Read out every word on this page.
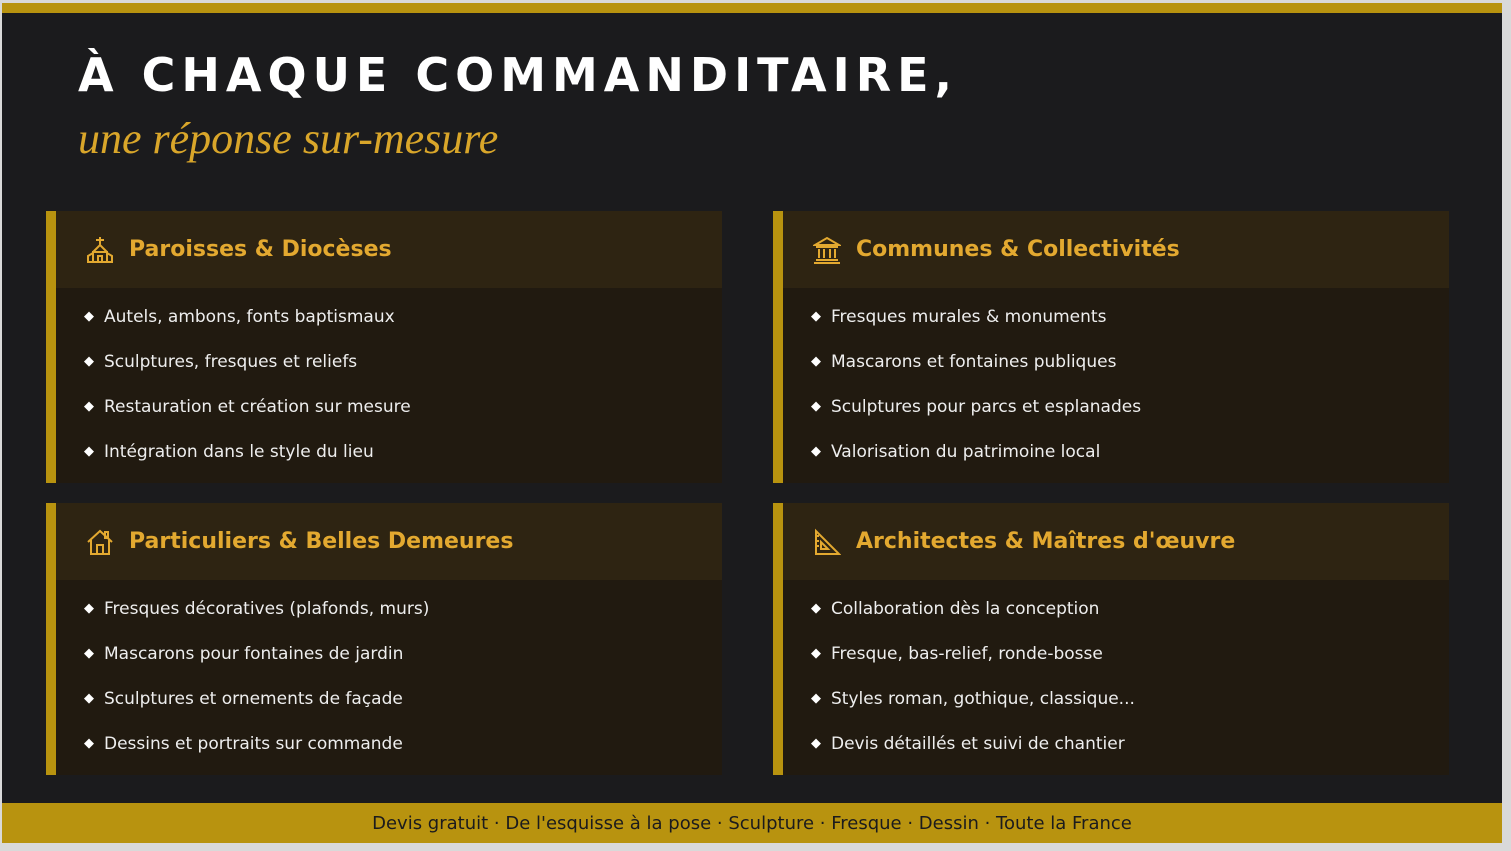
À CHAQUE COMMANDITAIRE,
une réponse sur-mesure
Paroisses & Diocèses
◆ Autels, ambons, fonts baptismaux
◆ Sculptures, fresques et reliefs
◆ Restauration et création sur mesure
◆ Intégration dans le style du lieu
Communes & Collectivités
◆ Fresques murales & monuments
◆ Mascarons et fontaines publiques
◆ Sculptures pour parcs et esplanades
◆ Valorisation du patrimoine local
Particuliers & Belles Demeures
◆ Fresques décoratives (plafonds, murs)
◆ Mascarons pour fontaines de jardin
◆ Sculptures et ornements de façade
◆ Dessins et portraits sur commande
Architectes & Maîtres d'œuvre
◆ Collaboration dès la conception
◆ Fresque, bas-relief, ronde-bosse
◆ Styles roman, gothique, classique...
◆ Devis détaillés et suivi de chantier
Devis gratuit · De l'esquisse à la pose · Sculpture · Fresque · Dessin · Toute la France
